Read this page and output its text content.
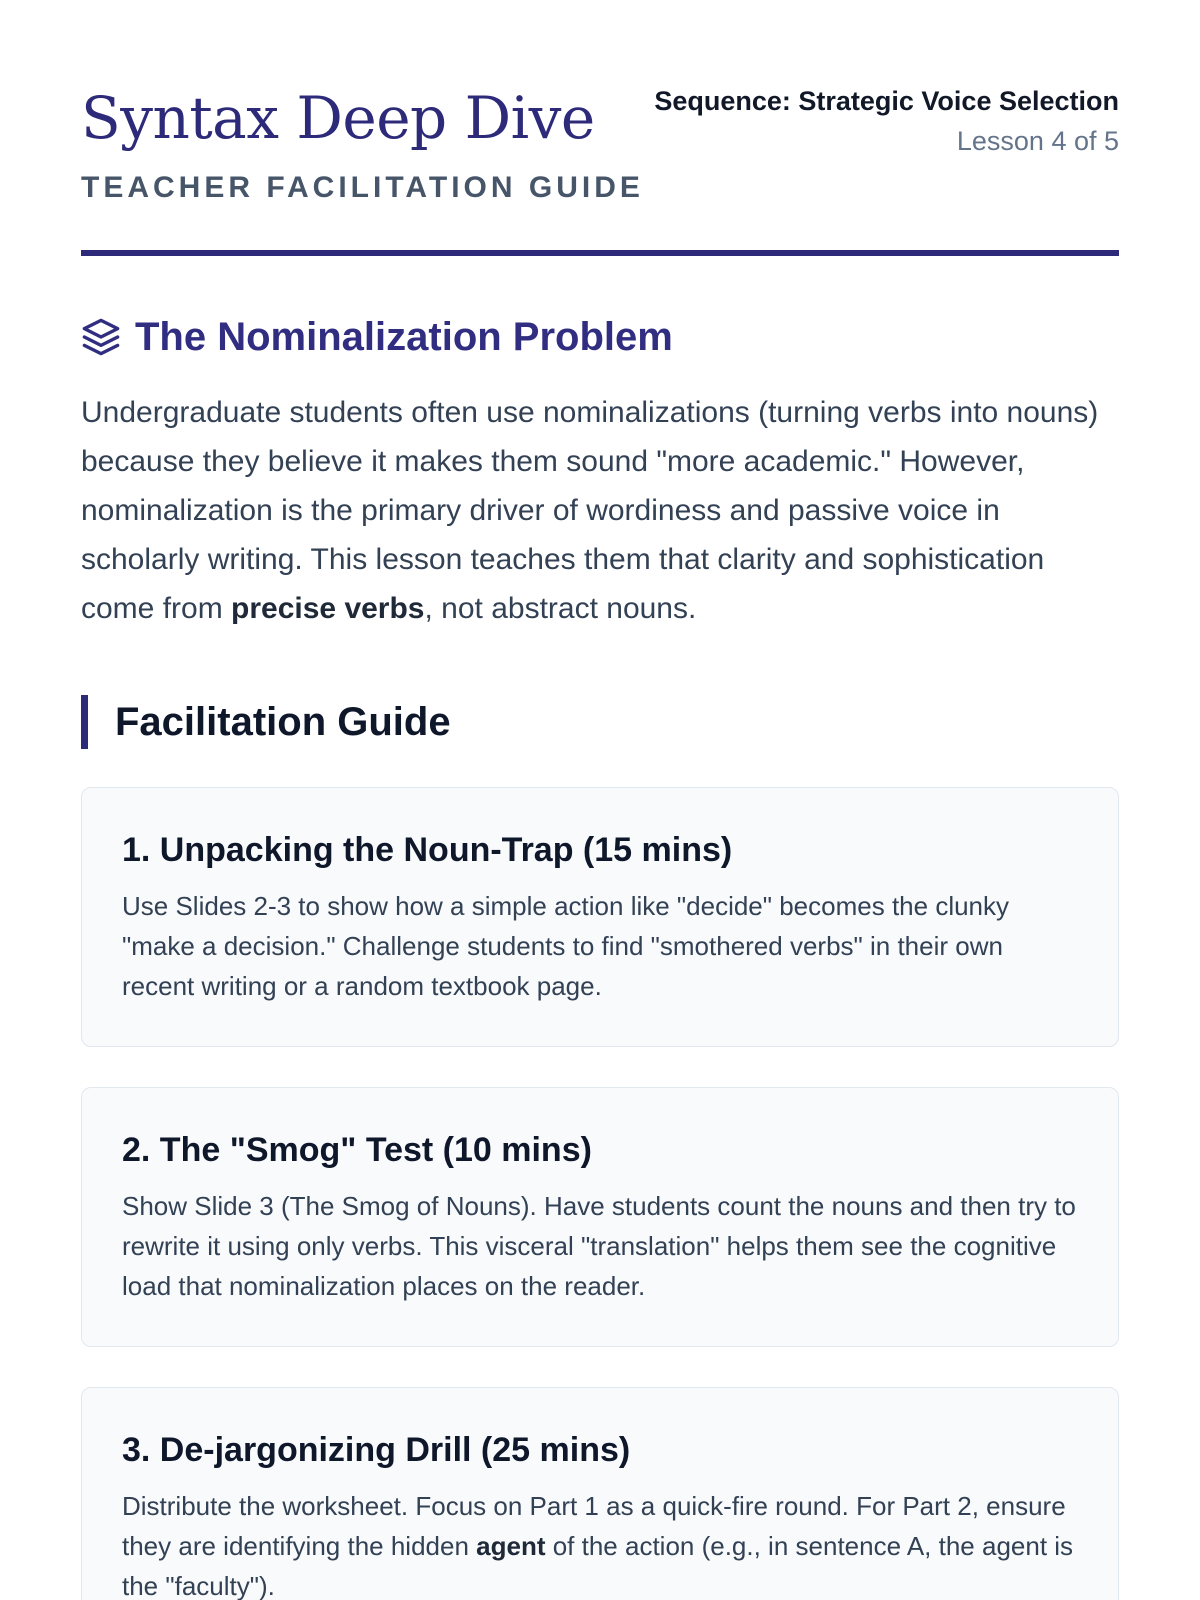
Syntax Deep Dive
TEACHER FACILITATION GUIDE
Sequence: Strategic Voice Selection
Lesson 4 of 5
The Nominalization Problem

Undergraduate students often use nominalizations (turning verbs into nouns) because they believe it makes them sound "more academic." However, nominalization is the primary driver of wordiness and passive voice in scholarly writing. This lesson teaches them that clarity and sophistication come from precise verbs, not abstract nouns.

Facilitation Guide
1. Unpacking the Noun-Trap (15 mins)

Use Slides 2-3 to show how a simple action like "decide" becomes the clunky "make a decision." Challenge students to find "smothered verbs" in their own recent writing or a random textbook page.

2. The "Smog" Test (10 mins)

Show Slide 3 (The Smog of Nouns). Have students count the nouns and then try to rewrite it using only verbs. This visceral "translation" helps them see the cognitive load that nominalization places on the reader.

3. De-jargonizing Drill (25 mins)

Distribute the worksheet. Focus on Part 1 as a quick-fire round. For Part 2, ensure they are identifying the hidden agent of the action (e.g., in sentence A, the agent is the "faculty").
